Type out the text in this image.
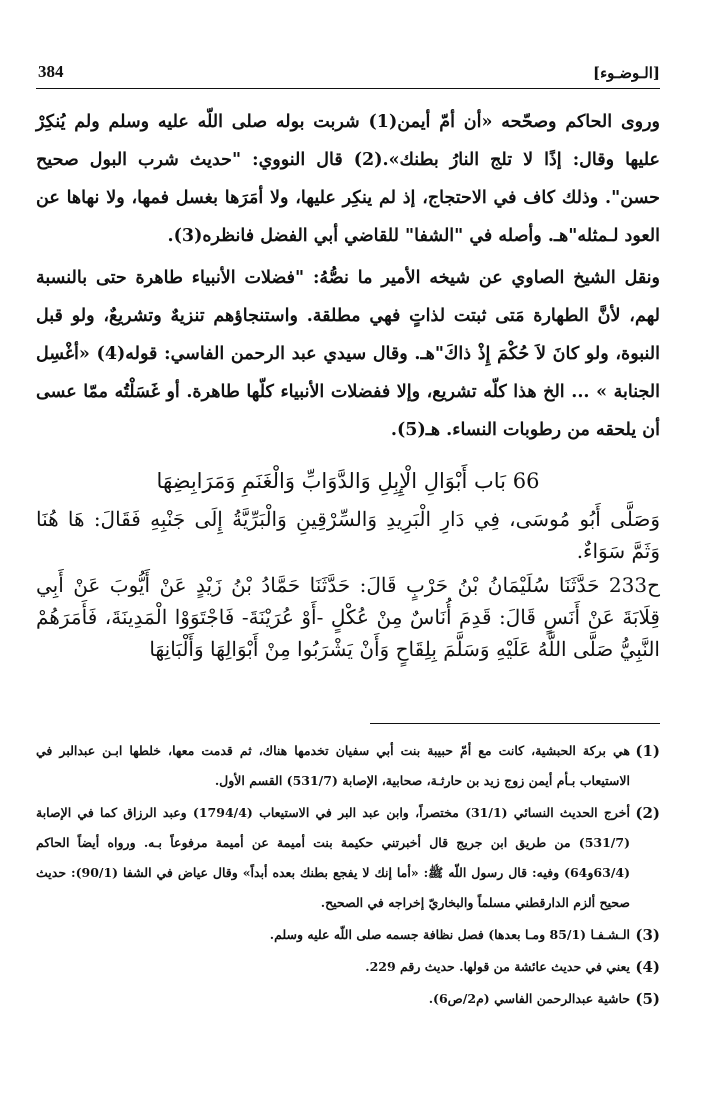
384	[الـوضـوء]

وروى الحاكم وصحّحه «أن أمّ أيمن(1) شربت بوله صلى اللّه عليه وسلم ولم يُنكِرْ عليها وقال: إذًا لا تلج النارُ بطنك».(2) قال النووي: "حديث شرب البول صحيح حسن". وذلك كاف في الاحتجاج، إذ لم ينكِر عليها، ولا أمَرَها بغسل فمها، ولا نهاها عن العود لـمثله"هـ. وأصله في "الشفا" للقاضي أبي الفضل فانظره(3).

ونقل الشيخ الصاوي عن شيخه الأمير ما نصُّهُ: "فضلات الأنبياء طاهرة حتى بالنسبة لهم، لأنَّ الطهارة مَتى ثبتت لذاتٍ فهي مطلقة. واستنجاؤهم تنزيهٌ وتشريعٌ، ولو قبل النبوة، ولو كانَ لاَ حُكْمَ إِذْ ذاكَ"هـ. وقال سيدي عبد الرحمن الفاسي: قوله(4) «أغْسِل الجنابة » ... الخ هذا كلّه تشريع، وإلا ففضلات الأنبياء كلّها طاهرة. أو غَسَلْتُه ممّا عسى أن يلحقه من رطوبات النساء. هـ(5).

66 بَاب أَبْوَالِ الْإِبِلِ وَالدَّوَابِّ وَالْغَنَمِ وَمَرَابِضِهَا

وَصَلَّى أَبُو مُوسَى، فِي دَارِ الْبَرِيدِ وَالسِّرْقِينِ وَالْبَرِّيَّةُ إِلَى جَنْبِهِ فَقَالَ: هَا هُنَا وَثَمَّ سَوَاءٌ.

ح233 حَدَّثَنَا سُلَيْمَانُ بْنُ حَرْبٍ قَالَ: حَدَّثَنَا حَمَّادُ بْنُ زَيْدٍ عَنْ أَيُّوبَ عَنْ أَبِي قِلَابَةَ عَنْ أَنَسٍ قَالَ: قَدِمَ أُنَاسٌ مِنْ عُكْلٍ -أَوْ عُرَيْنَةَ- فَاجْتَوَوْا الْمَدِينَةَ، فَأَمَرَهُمْ النَّبِيُّ صَلَّى اللَّهُ عَلَيْهِ وَسَلَّمَ بِلِقَاحٍ وَأَنْ يَشْرَبُوا مِنْ أَبْوَالِهَا وَأَلْبَانِهَا

(1)
هي بركة الحبشية، كانت مع أمّ حبيبة بنت أبي سفيان تخدمها هناك، ثم قدمت معها، خلطها ابـن عبدالبر في الاستيعاب بـأم أيمن زوج زيد بن حارثـة، صحابية، الإصابة (531/7) القسم الأول.
(2)
أخرج الحديث النسائي (31/1) مختصراً، وابن عبد البر في الاستيعاب (1794/4) وعبد الرزاق كما في الإصابة (531/7) من طريق ابن جريج قال أخبرتني حكيمة بنت أميمة عن أميمة مرفوعاً بـه. ورواه أيضاً الحاكم (63/4و64) وفيه: قال رسول اللّه ﷺ: «أما إنك لا يفجع بطنك بعده أبداً» وقال عياض في الشفا (90/1): حديث صحيح ألزم الدارقطني مسلماً والبخاريّ إخراجه في الصحيح.
(3)
الـشـفـا (85/1 ومـا بعدها) فصل نظافة جسمه صلى اللّه عليه وسلم.
(4)
يعني في حديث عائشة من قولها. حديث رقم 229.
(5)
حاشية عبدالرحمن الفاسي (م2/ص6).
